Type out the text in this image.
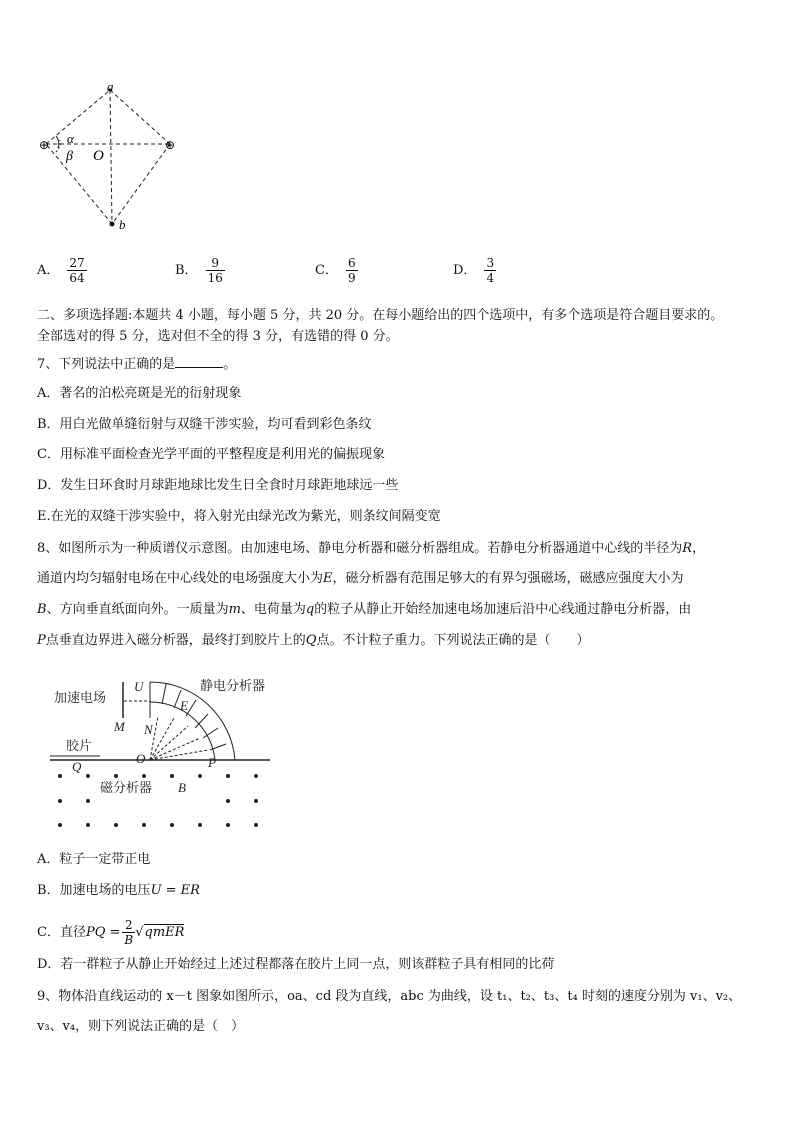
a
b
O
α
β
⊕	⊕
A． $\frac{27}{64}$	B． $\frac{9}{16}$	C． $\frac{6}{9}$	D． $\frac{3}{4}$
二、多项选择题:本题共 4 小题，每小题 5 分，共 20 分。在每小题给出的四个选项中，有多个选项是符合题目要求的。
全部选对的得 5 分，选对但不全的得 3 分，有选错的得 0 分。
7、下列说法中正确的是	。
A．著名的泊松亮斑是光的衍射现象
B．用白光做单缝衍射与双缝干涉实验，均可看到彩色条纹
C．用标准平面检查光学平面的平整程度是利用光的偏振现象
D．发生日环食时月球距地球比发生日全食时月球距地球远一些
E.在光的双缝干涉实验中，将入射光由绿光改为紫光，则条纹间隔变宽
8、如图所示为一种质谱仪示意图。由加速电场、静电分析器和磁分析器组成。若静电分析器通道中心线的半径为R，
通道内均匀辐射电场在中心线处的电场强度大小为E，磁分析器有范围足够大的有界匀强磁场，磁感应强度大小为
B、方向垂直纸面向外。一质量为m、电荷量为q的粒子从静止开始经加速电场加速后沿中心线通过静电分析器，由
P点垂直边界进入磁分析器，最终打到胶片上的Q点。不计粒子重力。下列说法正确的是（　　）
加速电场
静电分析器
胶片
磁分析器
U
M N
E
Q
O	P
B
A．粒子一定带正电
B．加速电场的电压U = ER
C．直径PQ = $\frac{2}{B}$ √qmER
D．若一群粒子从静止开始经过上述过程都落在胶片上同一点，则该群粒子具有相同的比荷
9、物体沿直线运动的 x－t 图象如图所示，oa、cd 段为直线，abc 为曲线，设 t₁、t₂、t₃、t₄ 时刻的速度分别为 v₁、v₂、
v₃、v₄，则下列说法正确的是（　）
